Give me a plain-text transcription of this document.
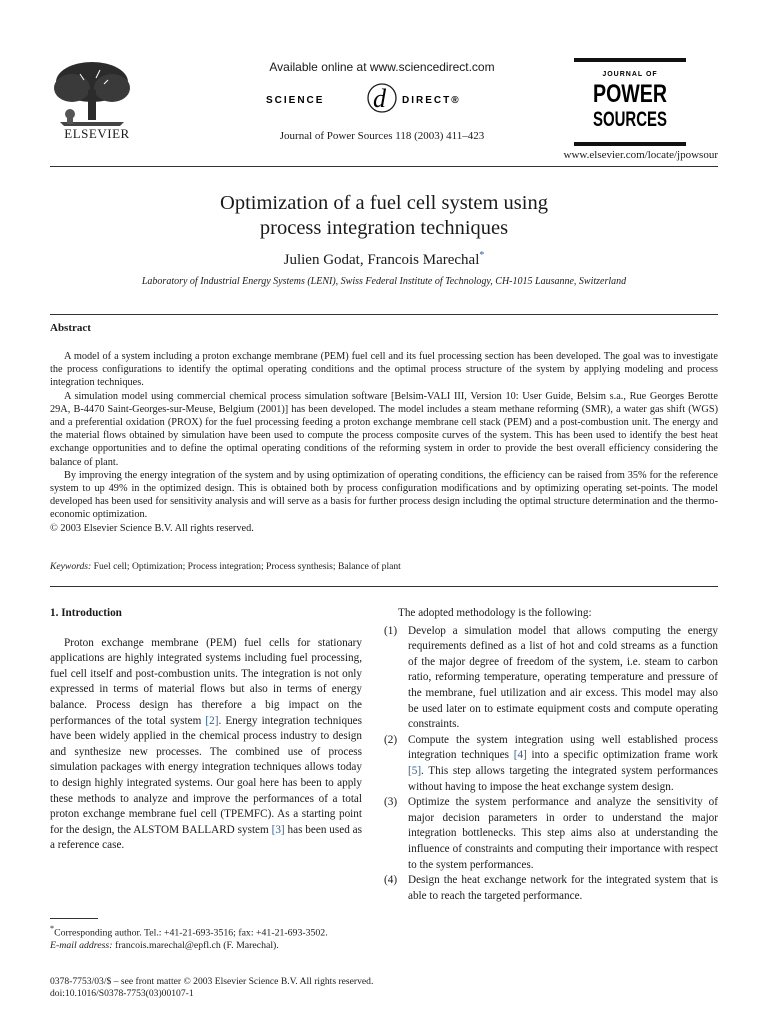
ELSEVIER
Available online at www.sciencedirect.com
SCIENCE d DIRECT®
Journal of Power Sources 118 (2003) 411–423
JOURNAL OF
POWER
SOURCES
www.elsevier.com/locate/jpowsour
Optimization of a fuel cell system using
process integration techniques
Julien Godat, Francois Marechal*
Laboratory of Industrial Energy Systems (LENI), Swiss Federal Institute of Technology, CH-1015 Lausanne, Switzerland
Abstract

A model of a system including a proton exchange membrane (PEM) fuel cell and its fuel processing section has been developed. The goal was to investigate the process configurations to identify the optimal operating conditions and the optimal process structure of the system by applying modeling and process integration techniques.

A simulation model using commercial chemical process simulation software [Belsim-VALI III, Version 10: User Guide, Belsim s.a., Rue Georges Berotte 29A, B-4470 Saint-Georges-sur-Meuse, Belgium (2001)] has been developed. The model includes a steam methane reforming (SMR), a water gas shift (WGS) and a preferential oxidation (PROX) for the fuel processing feeding a proton exchange membrane cell stack (PEM) and a post-combustion unit. The energy and the material flows obtained by simulation have been used to compute the process composite curves of the system. This has been used to identify the best heat exchange opportunities and to define the optimal operating conditions of the reforming system in order to provide the best overall efficiency considering the balance of plant.

By improving the energy integration of the system and by using optimization of operating conditions, the efficiency can be raised from 35% for the reference system to up 49% in the optimized design. This is obtained both by process configuration modifications and by optimizing operating set-points. The model developed has been used for sensitivity analysis and will serve as a basis for further process design including the optimal structure determination and the thermo-economic optimization.

© 2003 Elsevier Science B.V. All rights reserved.
Keywords: Fuel cell; Optimization; Process integration; Process synthesis; Balance of plant
1. Introduction

Proton exchange membrane (PEM) fuel cells for stationary applications are highly integrated systems including fuel processing, fuel cell itself and post-combustion units. The integration is not only expressed in terms of material flows but also in terms of energy balance. Process design has therefore a big impact on the performances of the total system [2]. Energy integration techniques have been widely applied in the chemical process industry to design and synthesize new processes. The combined use of process simulation packages with energy integration techniques allows today to design highly integrated systems. Our goal here has been to apply these methods to analyze and improve the performances of a total proton exchange membrane fuel cell (TPEMFC). As a starting point for the design, the ALSTOM BALLARD system [3] has been used as a reference case.

The adopted methodology is the following:

(1) Develop a simulation model that allows computing the energy requirements defined as a list of hot and cold streams as a function of the major degree of freedom of the system, i.e. steam to carbon ratio, reforming temperature, operating temperature and pressure of the membrane, fuel utilization and air excess. This model may also be used later on to estimate equipment costs and compute operating constraints.
(2) Compute the system integration using well established process integration techniques [4] into a specific optimization frame work [5]. This step allows targeting the integrated system performances without having to impose the heat exchange system design.
(3) Optimize the system performance and analyze the sensitivity of major decision parameters in order to understand the major integration bottlenecks. This step aims also at understanding the influence of constraints and computing their importance with respect to the system performances.
(4) Design the heat exchange network for the integrated system that is able to reach the targeted performance.
*Corresponding author. Tel.: +41-21-693-3516; fax: +41-21-693-3502.
E-mail address: francois.marechal@epfl.ch (F. Marechal).
0378-7753/03/$ – see front matter © 2003 Elsevier Science B.V. All rights reserved.
doi:10.1016/S0378-7753(03)00107-1
